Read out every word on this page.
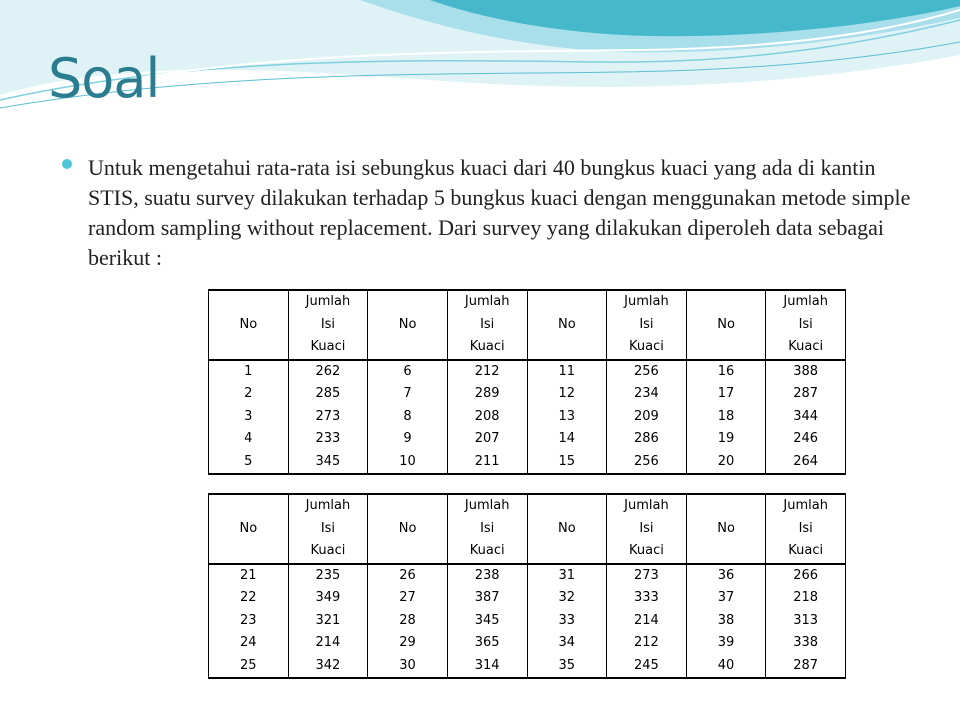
Soal

Untuk mengetahui rata-rata isi sebungkus kuaci dari 40 bungkus kuaci yang ada di kantin STIS, suatu survey dilakukan terhadap 5 bungkus kuaci dengan menggunakan metode simple random sampling without replacement. Dari survey yang dilakukan diperoleh data sebagai berikut :

No	Jumlah	No	Jumlah	No	Jumlah	No	Jumlah
	Isi		Isi		Isi		Isi
	Kuaci		Kuaci		Kuaci		Kuaci
1	262	6	212	11	256	16	388
2	285	7	289	12	234	17	287
3	273	8	208	13	209	18	344
4	233	9	207	14	286	19	246
5	345	10	211	15	256	20	264
No	Jumlah	No	Jumlah	No	Jumlah	No	Jumlah
	Isi		Isi		Isi		Isi
	Kuaci		Kuaci		Kuaci		Kuaci
21	235	26	238	31	273	36	266
22	349	27	387	32	333	37	218
23	321	28	345	33	214	38	313
24	214	29	365	34	212	39	338
25	342	30	314	35	245	40	287
